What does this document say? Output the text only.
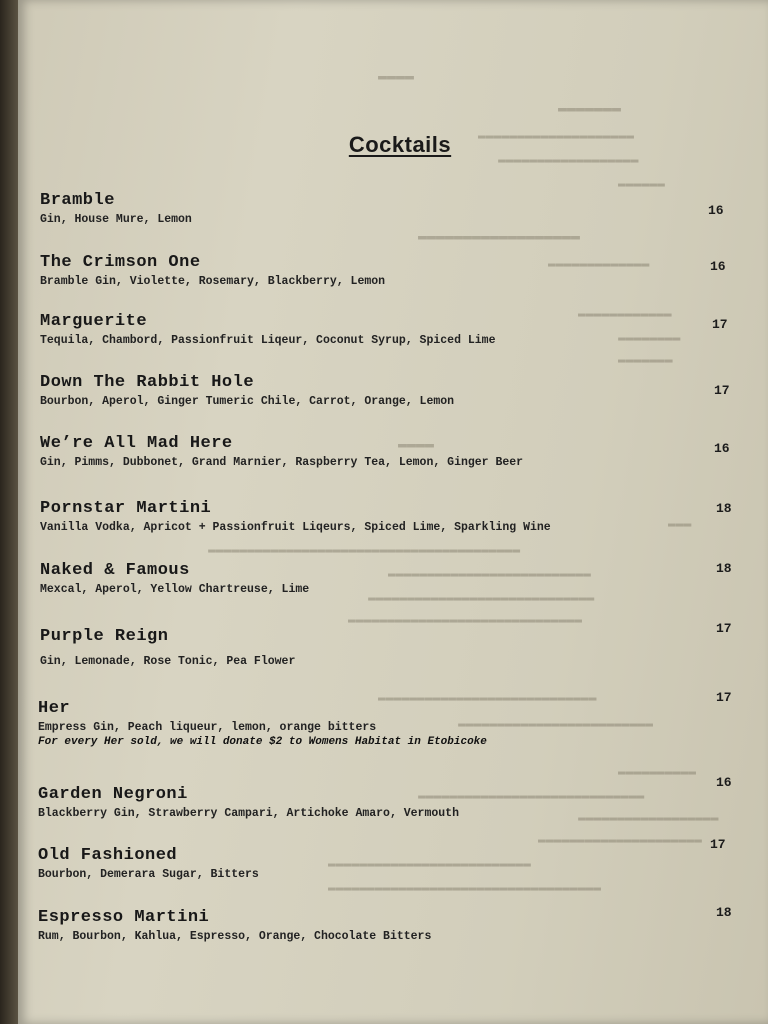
▬▬▬▬
▬▬▬▬▬▬▬
▬▬▬▬▬▬▬▬▬▬▬▬▬▬▬▬▬▬▬▬
▬▬▬▬▬▬▬▬▬▬▬▬▬▬▬▬▬▬
▬▬▬▬▬▬
▬▬▬▬▬▬▬▬▬▬▬▬▬▬▬▬▬▬
▬▬▬▬▬▬▬▬▬▬▬▬▬
▬▬▬▬▬▬▬▬▬▬▬▬
▬▬▬▬▬▬▬▬
▬▬▬▬▬▬▬
▬▬▬▬
▬▬▬
▬▬▬▬▬▬▬▬▬▬▬▬▬▬▬▬▬▬▬▬▬▬▬▬▬▬▬▬▬▬▬▬▬▬▬▬▬▬▬▬
▬▬▬▬▬▬▬▬▬▬▬▬▬▬▬▬▬▬▬▬▬▬▬▬▬▬
▬▬▬▬▬▬▬▬▬▬▬▬▬▬▬▬▬▬▬▬▬▬▬▬▬▬▬▬▬
▬▬▬▬▬▬▬▬▬▬▬▬▬▬▬▬▬▬▬▬▬▬▬▬▬▬▬▬▬▬
▬▬▬▬▬▬▬▬▬▬▬▬▬▬▬▬▬▬▬▬▬▬▬▬▬▬▬▬
▬▬▬▬▬▬▬▬▬▬▬▬▬▬▬▬▬▬▬▬▬▬▬▬▬
▬▬▬▬▬▬▬▬▬▬
▬▬▬▬▬▬▬▬▬▬▬▬▬▬▬▬▬▬▬▬▬▬▬▬▬▬▬▬▬
▬▬▬▬▬▬▬▬▬▬▬▬▬▬▬▬▬▬
▬▬▬▬▬▬▬▬▬▬▬▬▬▬▬▬▬▬▬▬▬
▬▬▬▬▬▬▬▬▬▬▬▬▬▬▬▬▬▬▬▬▬▬▬▬▬▬
▬▬▬▬▬▬▬▬▬▬▬▬▬▬▬▬▬▬▬▬▬▬▬▬▬▬▬▬▬▬▬▬▬▬▬
Cocktails
Bramble
Gin, House Mure, Lemon
16
The Crimson One
Bramble Gin, Violette, Rosemary, Blackberry, Lemon
16
Marguerite
Tequila, Chambord, Passionfruit Liqeur, Coconut Syrup, Spiced Lime
17
Down The Rabbit Hole
Bourbon, Aperol, Ginger Tumeric Chile, Carrot, Orange, Lemon
17
We’re All Mad Here
Gin, Pimms, Dubbonet, Grand Marnier, Raspberry Tea, Lemon, Ginger Beer
16
Pornstar Martini
Vanilla Vodka, Apricot + Passionfruit Liqeurs, Spiced Lime, Sparkling Wine
18
Naked & Famous
Mexcal, Aperol, Yellow Chartreuse, Lime
18
Purple Reign
Gin, Lemonade, Rose Tonic, Pea Flower
17
Her
Empress Gin, Peach liqueur, lemon, orange bitters
For every Her sold, we will donate $2 to Womens Habitat in Etobicoke
17
Garden Negroni
Blackberry Gin, Strawberry Campari, Artichoke Amaro, Vermouth
16
Old Fashioned
Bourbon, Demerara Sugar, Bitters
17
Espresso Martini
Rum, Bourbon, Kahlua, Espresso, Orange, Chocolate Bitters
18
